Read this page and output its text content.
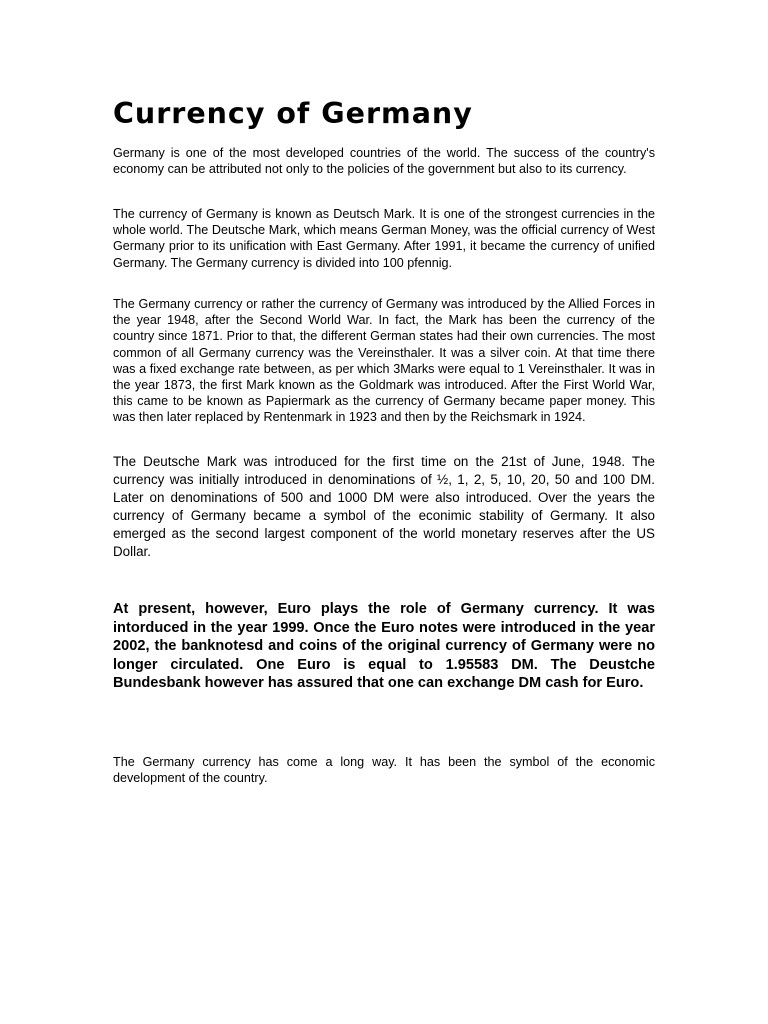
Currency of Germany

Germany is one of the most developed countries of the world. The success of the country's economy can be attributed not only to the policies of the government but also to its currency.

The currency of Germany is known as Deutsch Mark. It is one of the strongest currencies in the whole world. The Deutsche Mark, which means German Money, was the official currency of West Germany prior to its unification with East Germany. After 1991, it became the currency of unified Germany. The Germany currency is divided into 100 pfennig.

The Germany currency or rather the currency of Germany was introduced by the Allied Forces in the year 1948, after the Second World War. In fact, the Mark has been the currency of the country since 1871. Prior to that, the different German states had their own currencies. The most common of all Germany currency was the Vereinsthaler. It was a silver coin. At that time there was a fixed exchange rate between, as per which 3Marks were equal to 1 Vereinsthaler. It was in the year 1873, the first Mark known as the Goldmark was introduced. After the First World War, this came to be known as Papiermark as the currency of Germany became paper money. This was then later replaced by Rentenmark in 1923 and then by the Reichsmark in 1924.

The Deutsche Mark was introduced for the first time on the 21st of June, 1948. The currency was initially introduced in denominations of ½, 1, 2, 5, 10, 20, 50 and 100 DM. Later on denominations of 500 and 1000 DM were also introduced. Over the years the currency of Germany became a symbol of the econimic stability of Germany. It also emerged as the second largest component of the world monetary reserves after the US Dollar.

At present, however, Euro plays the role of Germany currency. It was intorduced in the year 1999. Once the Euro notes were introduced in the year 2002, the banknotesd and coins of the original currency of Germany were no longer circulated. One Euro is equal to 1.95583 DM. The Deustche Bundesbank however has assured that one can exchange DM cash for Euro.

The Germany currency has come a long way. It has been the symbol of the economic development of the country.
